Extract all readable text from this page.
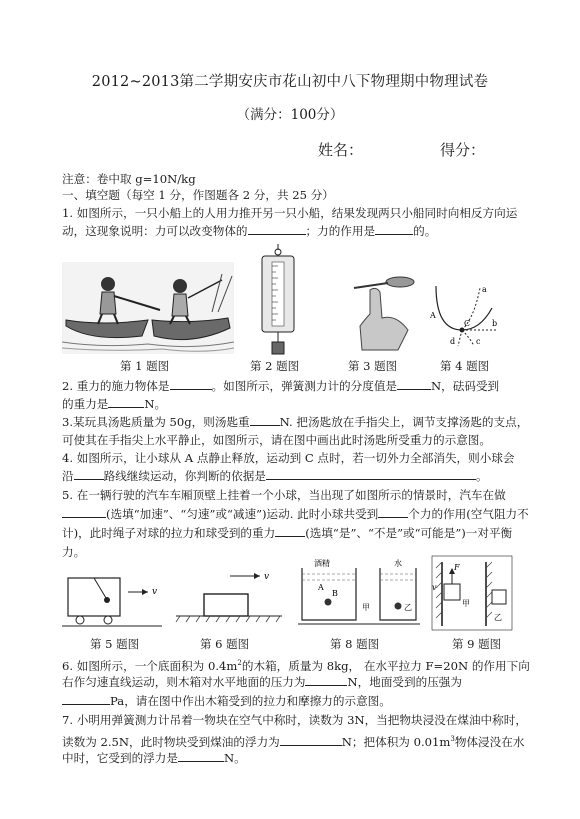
2012~2013第二学期安庆市花山初中八下物理期中物理试卷
（满分：100分）
姓名：	得分：
注意：卷中取 g=10N/kg
一、填空题（每空 1 分，作图题各 2 分，共 25 分）
1. 如图所示，一只小船上的人用力推开另一只小船，结果发现两只小船同时向相反方向运
动，这现象说明：力可以改变物体的	；力的作用是	的。
A
C
a
b
c
d
第 1 题图	第 2 题图	第 3 题图	第 4 题图
2. 重力的施力物体是	。如图所示，弹簧测力计的分度值是	N，砝码受到
的重力是	N。
3.某玩具汤匙质量为 50g，则汤匙重	N. 把汤匙放在手指尖上，调节支撑汤匙的支点，
可使其在手指尖上水平静止，如图所示，请在图中画出此时汤匙所受重力的示意图。
4. 如图所示，让小球从 A 点静止释放，运动到 C 点时，若一切外力全部消失，则小球会
沿	路线继续运动，你判断的依据是	。
5. 在一辆行驶的汽车车厢顶壁上挂着一个小球，当出现了如图所示的情景时，汽车在做
(选填“加速”、“匀速”或“减速”)运动. 此时小球共受到	个力的作用(空气阻力不
计)，此时绳子对球的拉力和球受到的重力	(选填“是”、“不是”或“可能是”)一对平衡
力。
v
v
酒精	水
A
B
甲	乙
F
v
甲
乙
第 5 题图	第 6 题图	第 8 题图	第 9 题图
6. 如图所示，一个底面积为 $0.4m^2$的木箱，质量为 8kg， 在水平拉力 F=20N 的作用下向
右作匀速直线运动，则木箱对水平地面的压力为	N，地面受到的压强为
Pa，请在图中作出木箱受到的拉力和摩擦力的示意图。
7. 小明用弹簧测力计吊着一物块在空气中称时，读数为 3N，当把物块浸没在煤油中称时，
读数为 2.5N，此时物块受到煤油的浮力为	N；把体积为 $0.01m^3$物体浸没在水
中时，它受到的浮力是	N。
